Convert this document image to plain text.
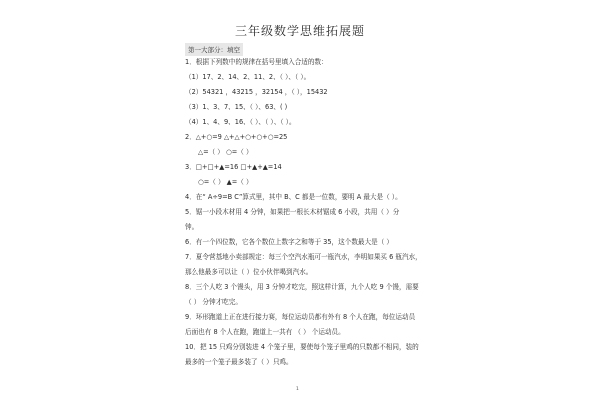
三年级数学思维拓展题
第一大部分：填空
1．根据下列数中的规律在括号里填入合适的数：
（1）17、2、14、2、11、2、（ ）、（ ）。
（2）54321 ，43215 ，32154 ，（ ），15432
（3）1、3、7、15、（ ）、63、( )
（4）1、4、9、16、（ ）、（ ）、（ ）。
2．△+○=9 △+△+○+○+○=25
△=（ ） ○=（ ）
3．□+□+▲=16 □+▲+▲=14
○=（ ） ▲=（ ）
4．在“ A÷9=B C”算式里，其中 B、C 都是一位数，要明 A 最大是（ ）。
5．锯一小段木材用 4 分钟，如果把一根长木材锯成 6 小段，共用（ ）分
钟。
6．有一个四位数，它各个数位上数字之和等于 35，这个数最大是（ ）
7．夏令营基地小卖部规定：每三个空汽水瓶可一瓶汽水，李明如果买 6 瓶汽水，
那么他最多可以让（ ）位小伙伴喝到汽水。
8．三个人吃 3 个馒头，用 3 分钟才吃完，照这样计算，九个人吃 9 个馒，需要
（ ） 分钟才吃完。
9．环形跑道上正在进行接力赛，每位运动员都有外有 8 个人在跑，每位运动员
后面也有 8 个人在跑，跑道上一共有 （ ） 个运动员。
10．把 15 只鸡分别装进 4 个笼子里，要使每个笼子里鸡的只数都不相同，装的
最多的一个笼子最多装了（ ）只鸡。
1
